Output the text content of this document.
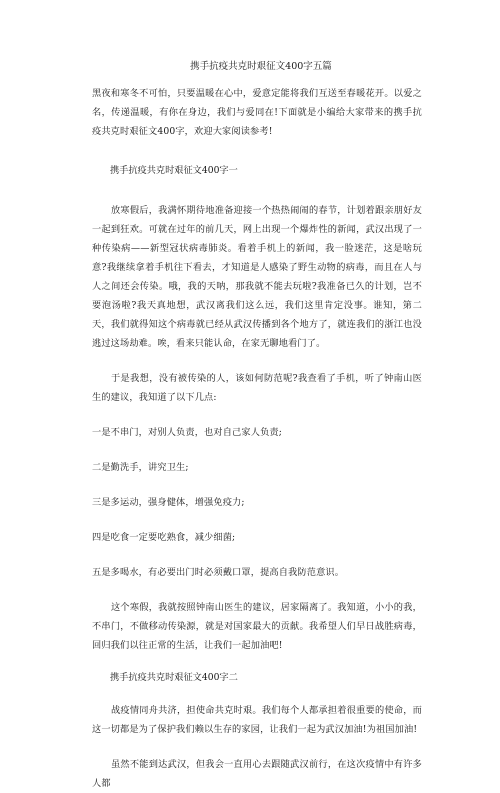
携手抗疫共克时艰征文400字五篇

黑夜和寒冬不可怕，只要温暖在心中，爱意定能将我们互送至春暖花开。以爱之名，传递温暖，有你在身边，我们与爱同在!下面就是小编给大家带来的携手抗疫共克时艰征文400字，欢迎大家阅读参考!

携手抗疫共克时艰征文400字一

放寒假后，我满怀期待地准备迎接一个热热闹闹的春节，计划着跟亲朋好友一起到狂欢。可就在过年的前几天，网上出现一个爆炸性的新闻，武汉出现了一种传染病——新型冠状病毒肺炎。看着手机上的新闻，我一脸迷茫，这是啥玩意?我继续拿着手机往下看去，才知道是人感染了野生动物的病毒，而且在人与人之间还会传染。哦，我的天呐，那我就不能去玩啦?我准备已久的计划，岂不要泡汤啦?我天真地想，武汉离我们这么远，我们这里肯定没事。谁知，第二天，我们就得知这个病毒就已经从武汉传播到各个地方了，就连我们的浙江也没逃过这场劫难。唉，看来只能认命，在家无聊地看门了。

于是我想，没有被传染的人，该如何防范呢?我查看了手机，听了钟南山医生的建议，我知道了以下几点:

一是不串门，对别人负责，也对自己家人负责;

二是勤洗手，讲究卫生;

三是多运动，强身健体，增强免疫力;

四是吃食一定要吃熟食，减少细菌;

五是多喝水，有必要出门时必须戴口罩，提高自我防范意识。

这个寒假，我就按照钟南山医生的建议，居家隔离了。我知道，小小的我，不串门，不做移动传染源，就是对国家最大的贡献。我希望人们早日战胜病毒，回归我们以往正常的生活，让我们一起加油吧!

携手抗疫共克时艰征文400字二

战疫情同舟共济，担使命共克时艰。我们每个人都承担着很重要的使命，而这一切都是为了保护我们赖以生存的家园，让我们一起为武汉加油!为祖国加油!

虽然不能到达武汉，但我会一直用心去跟随武汉前行，在这次疫情中有许多人都
